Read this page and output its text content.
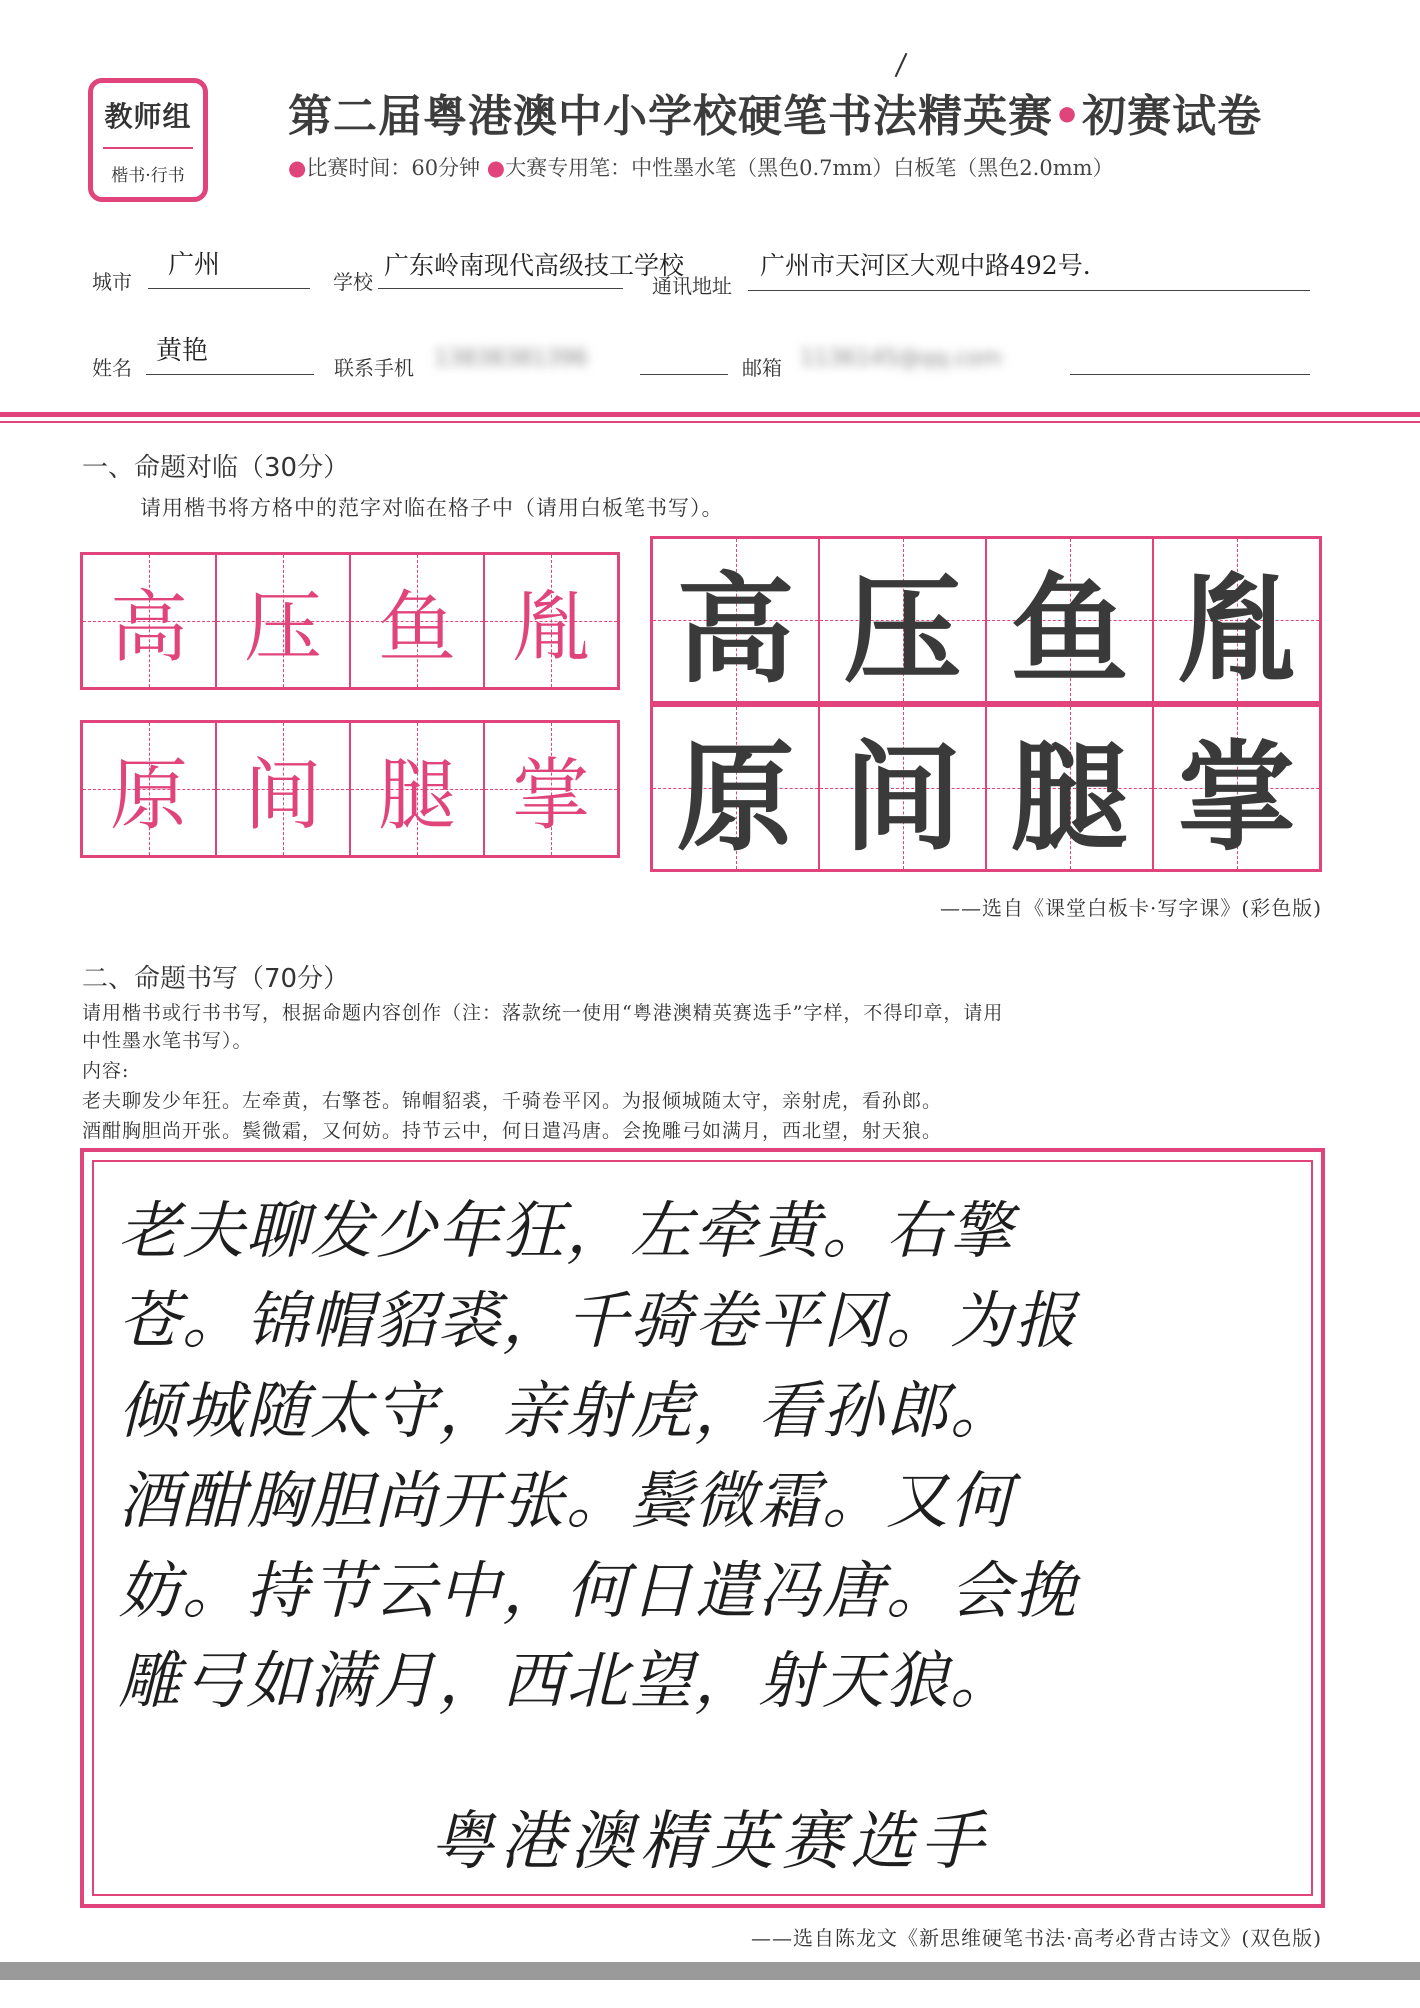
教师组
楷书·行书
第二届粤港澳中小学校硬笔书法精英赛•初赛试卷
●比赛时间：60分钟 ●大赛专用笔：中性墨水笔（黑色0.7mm）白板笔（黑色2.0mm）
城市
广州
学校
广东岭南现代高级技工学校
通讯地址
广州市天河区大观中路492号.
姓名
黄艳
联系手机 13838381396	邮箱 1136145@qq.com
一、命题对临（30分）
请用楷书将方格中的范字对临在格子中（请用白板笔书写）。
高 压 鱼 胤
原 间 腿 掌
高 压 鱼 胤
原 间 腿 掌
——选自《课堂白板卡·写字课》(彩色版)
二、命题书写（70分）
请用楷书或行书书写，根据命题内容创作（注：落款统一使用“粤港澳精英赛选手”字样，不得印章，请用
中性墨水笔书写）。
内容:
老夫聊发少年狂。左牵黄，右擎苍。锦帽貂裘，千骑卷平冈。为报倾城随太守，亲射虎，看孙郎。
酒酣胸胆尚开张。鬓微霜，又何妨。持节云中，何日遣冯唐。会挽雕弓如满月，西北望，射天狼。
老夫聊发少年狂，左牵黄。右擎
苍。锦帽貂裘，千骑卷平冈。为报
倾城随太守，亲射虎，看孙郎。
酒酣胸胆尚开张。鬓微霜。又何
妨。持节云中，何日遣冯唐。会挽
雕弓如满月，西北望，射天狼。
粤港澳精英赛选手
——选自陈龙文《新思维硬笔书法·高考必背古诗文》(双色版)
